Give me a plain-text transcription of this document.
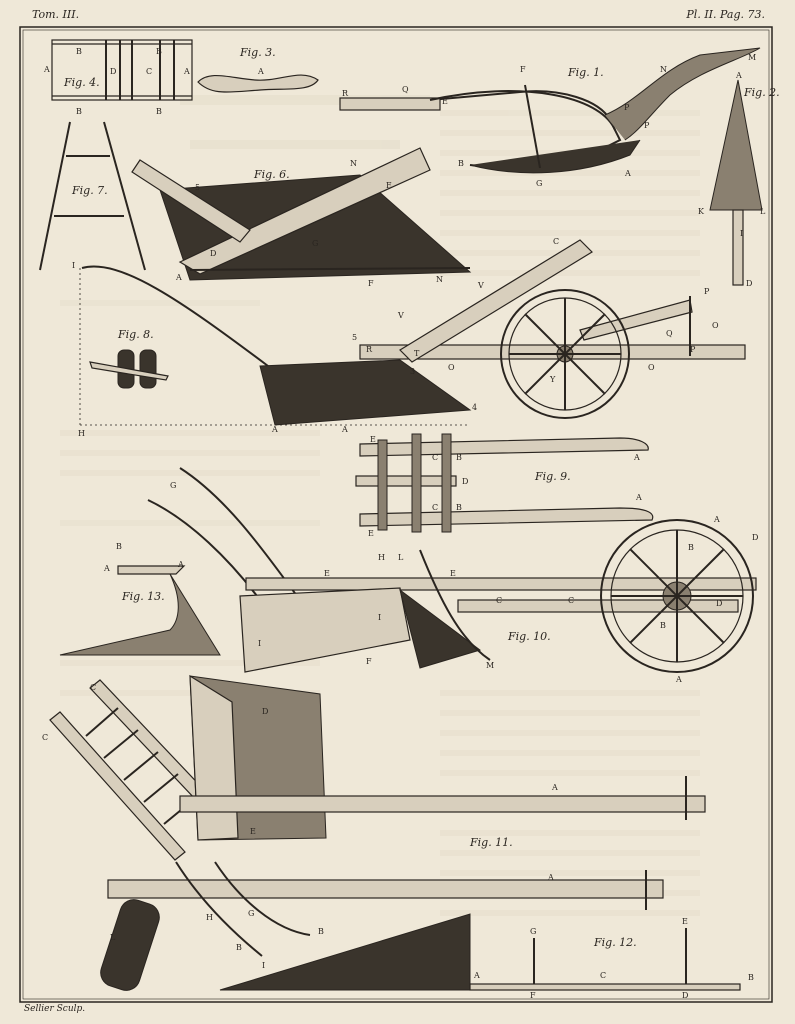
Tom. III.	Pl. II. Pag. 73.
A
B	B
B	B
D	C	A
Fig. 4.
Fig. 3.
A
R	Q
E
F
B
G
A
P
P
N
M
Fig. 1.
Fig. 2.
A
K	L
I
D
Fig. 7.
Fig. 6.
5
N
E
D
G
A
F	N
I
H	A	A
4
3
5
R	T
O	O
O
Y
P
Q
P
V
V
C
Fig. 8.
Fig. 9.
E
E
C B
C B
D
A
A
Fig. 13.
B
A	A
Fig. 10.
G
I
I
F	M
E	E
H L
C	C
B
B
A
A
D
D
Fig. 11.
C
C
D
E
A
A
H	G
L
B
B
I
Fig. 12.
A	C	B
G
E
F	D
Sellier Sculp.
